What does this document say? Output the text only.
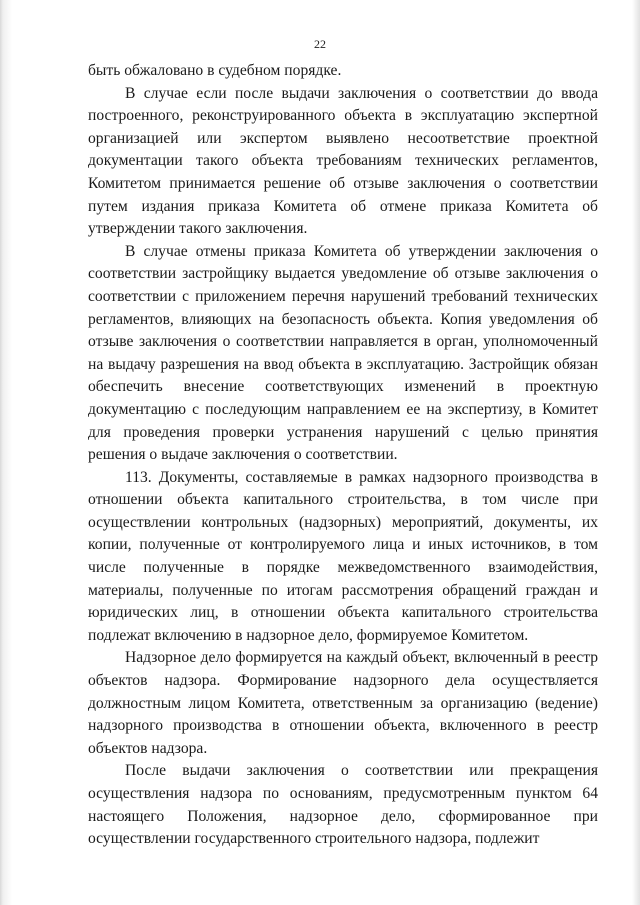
22

быть обжаловано в судебном порядке.

В случае если после выдачи заключения о соответствии до ввода построенного, реконструированного объекта в эксплуатацию экспертной организацией или экспертом выявлено несоответствие проектной документации такого объекта требованиям технических регламентов, Комитетом принимается решение об отзыве заключения о соответствии путем издания приказа Комитета об отмене приказа Комитета об утверждении такого заключения.

В случае отмены приказа Комитета об утверждении заключения о соответствии застройщику выдается уведомление об отзыве заключения о соответствии с приложением перечня нарушений требований технических регламентов, влияющих на безопасность объекта. Копия уведомления об отзыве заключения о соответствии направляется в орган, уполномоченный на выдачу разрешения на ввод объекта в эксплуатацию. Застройщик обязан обеспечить внесение соответствующих изменений в проектную документацию с последующим направлением ее на экспертизу, в Комитет для проведения проверки устранения нарушений с целью принятия решения о выдаче заключения о соответствии.

113. Документы, составляемые в рамках надзорного производства в отношении объекта капитального строительства, в том числе при осуществлении контрольных (надзорных) мероприятий, документы, их копии, полученные от контролируемого лица и иных источников, в том числе полученные в порядке межведомственного взаимодействия, материалы, полученные по итогам рассмотрения обращений граждан и юридических лиц, в отношении объекта капитального строительства подлежат включению в надзорное дело, формируемое Комитетом.

Надзорное дело формируется на каждый объект, включенный в реестр объектов надзора. Формирование надзорного дела осуществляется должностным лицом Комитета, ответственным за организацию (ведение) надзорного производства в отношении объекта, включенного в реестр объектов надзора.

После выдачи заключения о соответствии или прекращения осуществления надзора по основаниям, предусмотренным пунктом 64 настоящего Положения, надзорное дело, сформированное при осуществлении государственного строительного надзора, подлежит
